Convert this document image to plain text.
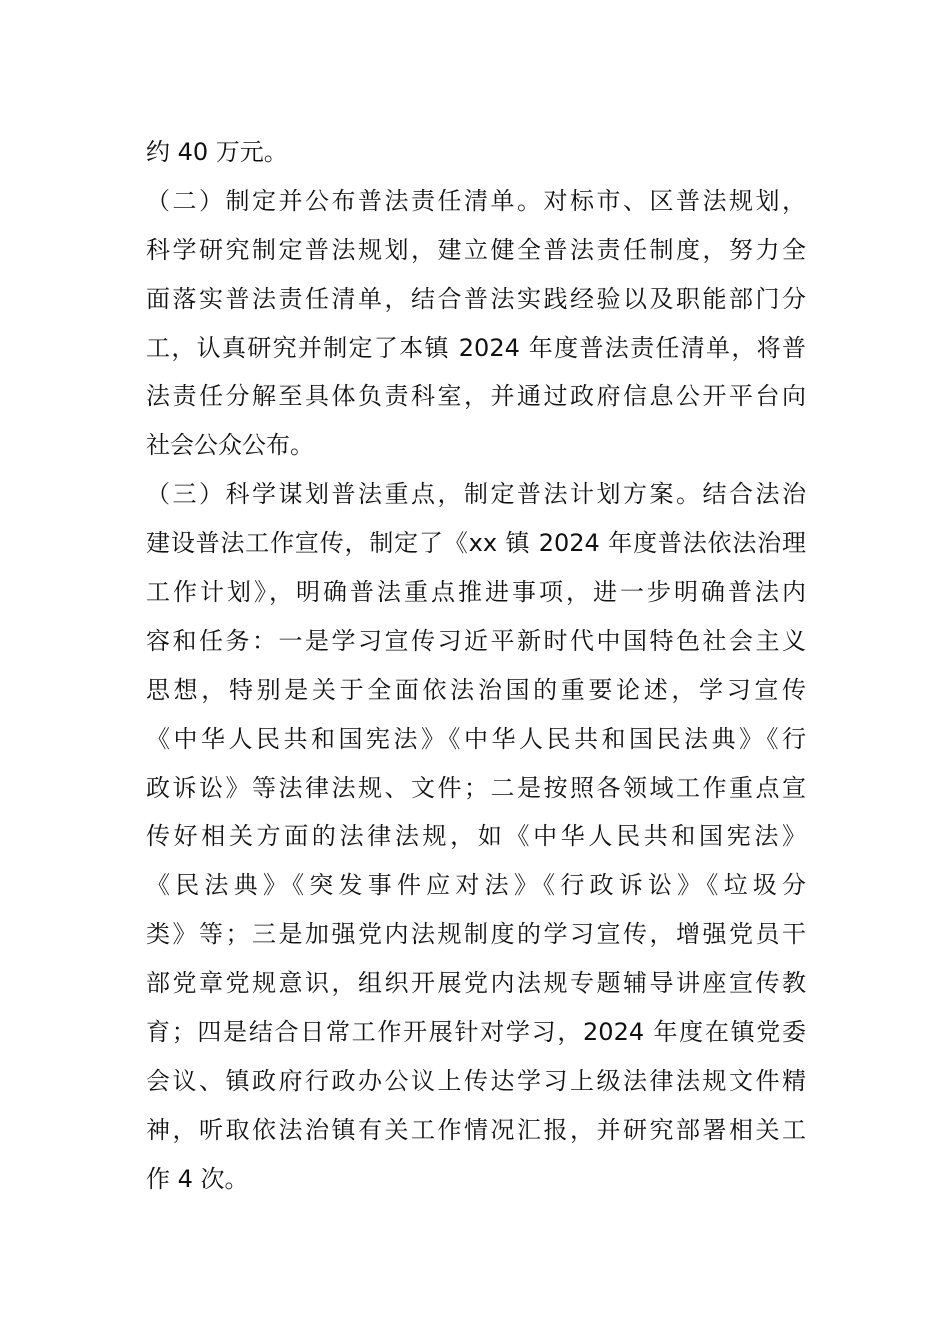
约 40 万元。
（二）制定并公布普法责任清单。对标市、区普法规划，
科学研究制定普法规划，建立健全普法责任制度，努力全
面落实普法责任清单，结合普法实践经验以及职能部门分
工，认真研究并制定了本镇 2024 年度普法责任清单，将普
法责任分解至具体负责科室，并通过政府信息公开平台向
社会公众公布。
（三）科学谋划普法重点，制定普法计划方案。结合法治
建设普法工作宣传，制定了《xx 镇 2024 年度普法依法治理
工作计划》，明确普法重点推进事项，进一步明确普法内
容和任务：一是学习宣传习近平新时代中国特色社会主义
思想，特别是关于全面依法治国的重要论述，学习宣传
《中华人民共和国宪法》《中华人民共和国民法典》《行
政诉讼》等法律法规、文件；二是按照各领域工作重点宣
传好相关方面的法律法规，如《中华人民共和国宪法》
《民法典》《突发事件应对法》《行政诉讼》《垃圾分
类》等；三是加强党内法规制度的学习宣传，增强党员干
部党章党规意识，组织开展党内法规专题辅导讲座宣传教
育；四是结合日常工作开展针对学习，2024 年度在镇党委
会议、镇政府行政办公议上传达学习上级法律法规文件精
神，听取依法治镇有关工作情况汇报，并研究部署相关工
作 4 次。
